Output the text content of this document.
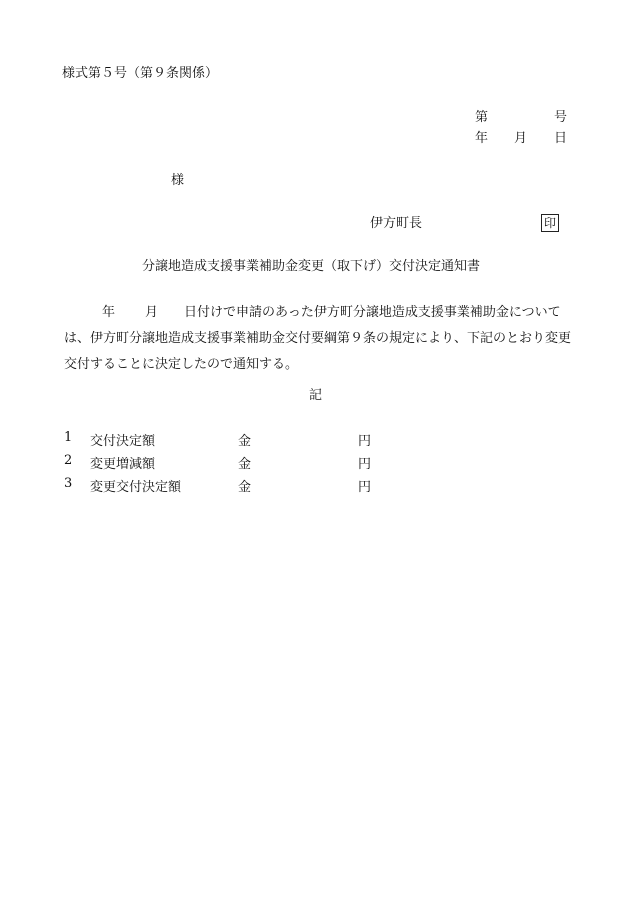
様式第５号（第９条関係）
第	号
年 月 日
様
伊方町長	印
分譲地造成支援事業補助金変更（取下げ）交付決定通知書
年 月 日付けで申請のあった伊方町分譲地造成支援事業補助金については、伊方町分譲地造成支援事業補助金交付要綱第９条の規定により、下記のとおり変更交付することに決定したので通知する。
記
1 交付決定額	金	円
2 変更増減額	金	円
3 変更交付決定額	金	円
